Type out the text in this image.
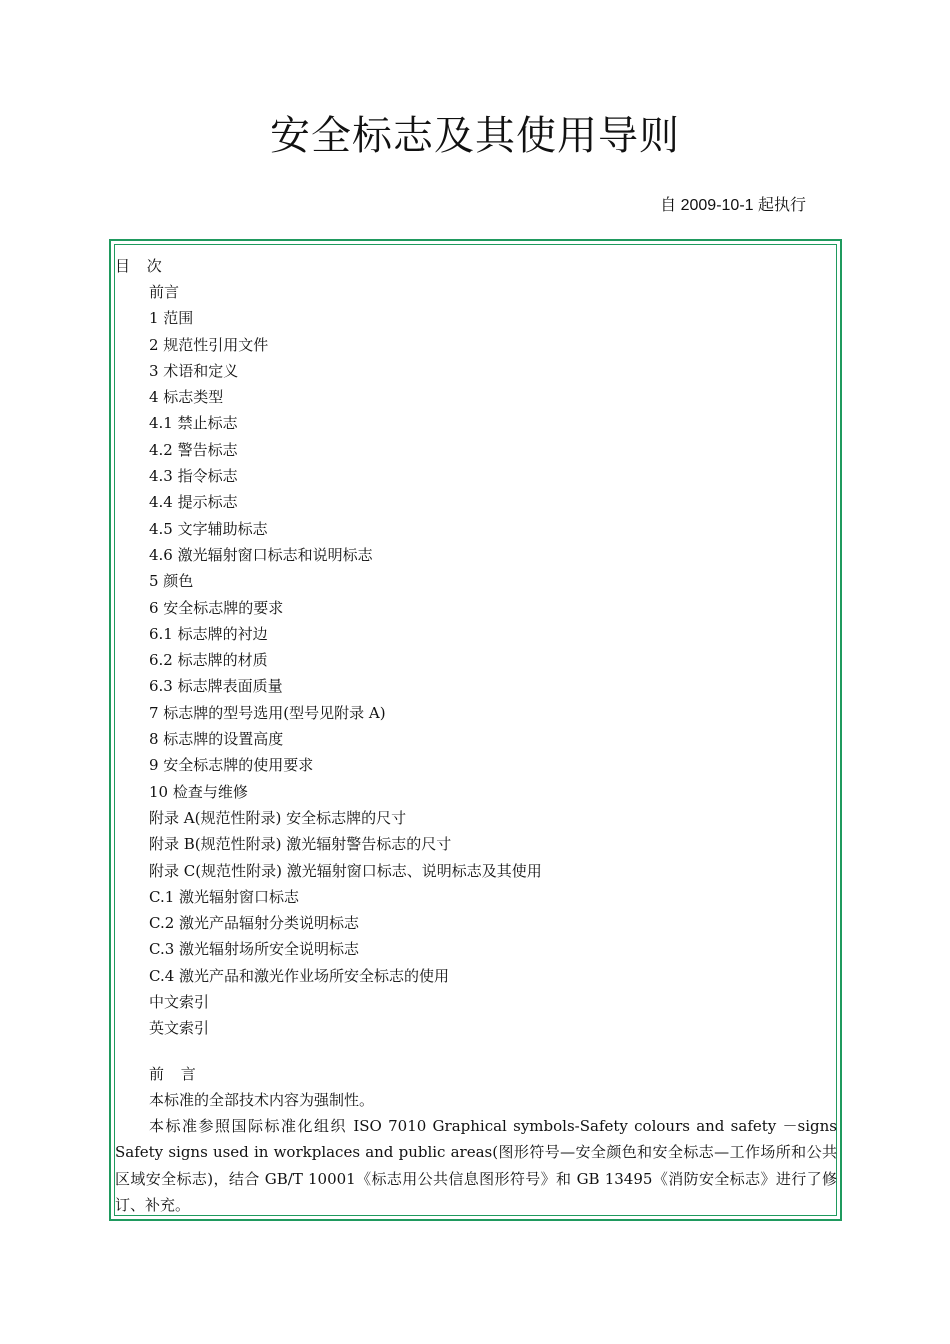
安全标志及其使用导则
自 2009-10-1 起执行
目 次
前言
1 范围
2 规范性引用文件
3 术语和定义
4 标志类型
4.1 禁止标志
4.2 警告标志
4.3 指令标志
4.4 提示标志
4.5 文字辅助标志
4.6 激光辐射窗口标志和说明标志
5 颜色
6 安全标志牌的要求
6.1 标志牌的衬边
6.2 标志牌的材质
6.3 标志牌表面质量
7 标志牌的型号选用(型号见附录 A)
8 标志牌的设置高度
9 安全标志牌的使用要求
10 检查与维修
附录 A(规范性附录) 安全标志牌的尺寸
附录 B(规范性附录) 激光辐射警告标志的尺寸
附录 C(规范性附录) 激光辐射窗口标志、说明标志及其使用
C.1 激光辐射窗口标志
C.2 激光产品辐射分类说明标志
C.3 激光辐射场所安全说明标志
C.4 激光产品和激光作业场所安全标志的使用
中文索引
英文索引
前 言
本标准的全部技术内容为强制性。
本标准参照国际标准化组织 ISO 7010 Graphical symbols-Safety colours and safety －signs Safety signs used in workplaces and public areas(图形符号—安全颜色和安全标志—工作场所和公共区域安全标志)，结合 GB/T 10001《标志用公共信息图形符号》和 GB 13495《消防安全标志》进行了修订、补充。
